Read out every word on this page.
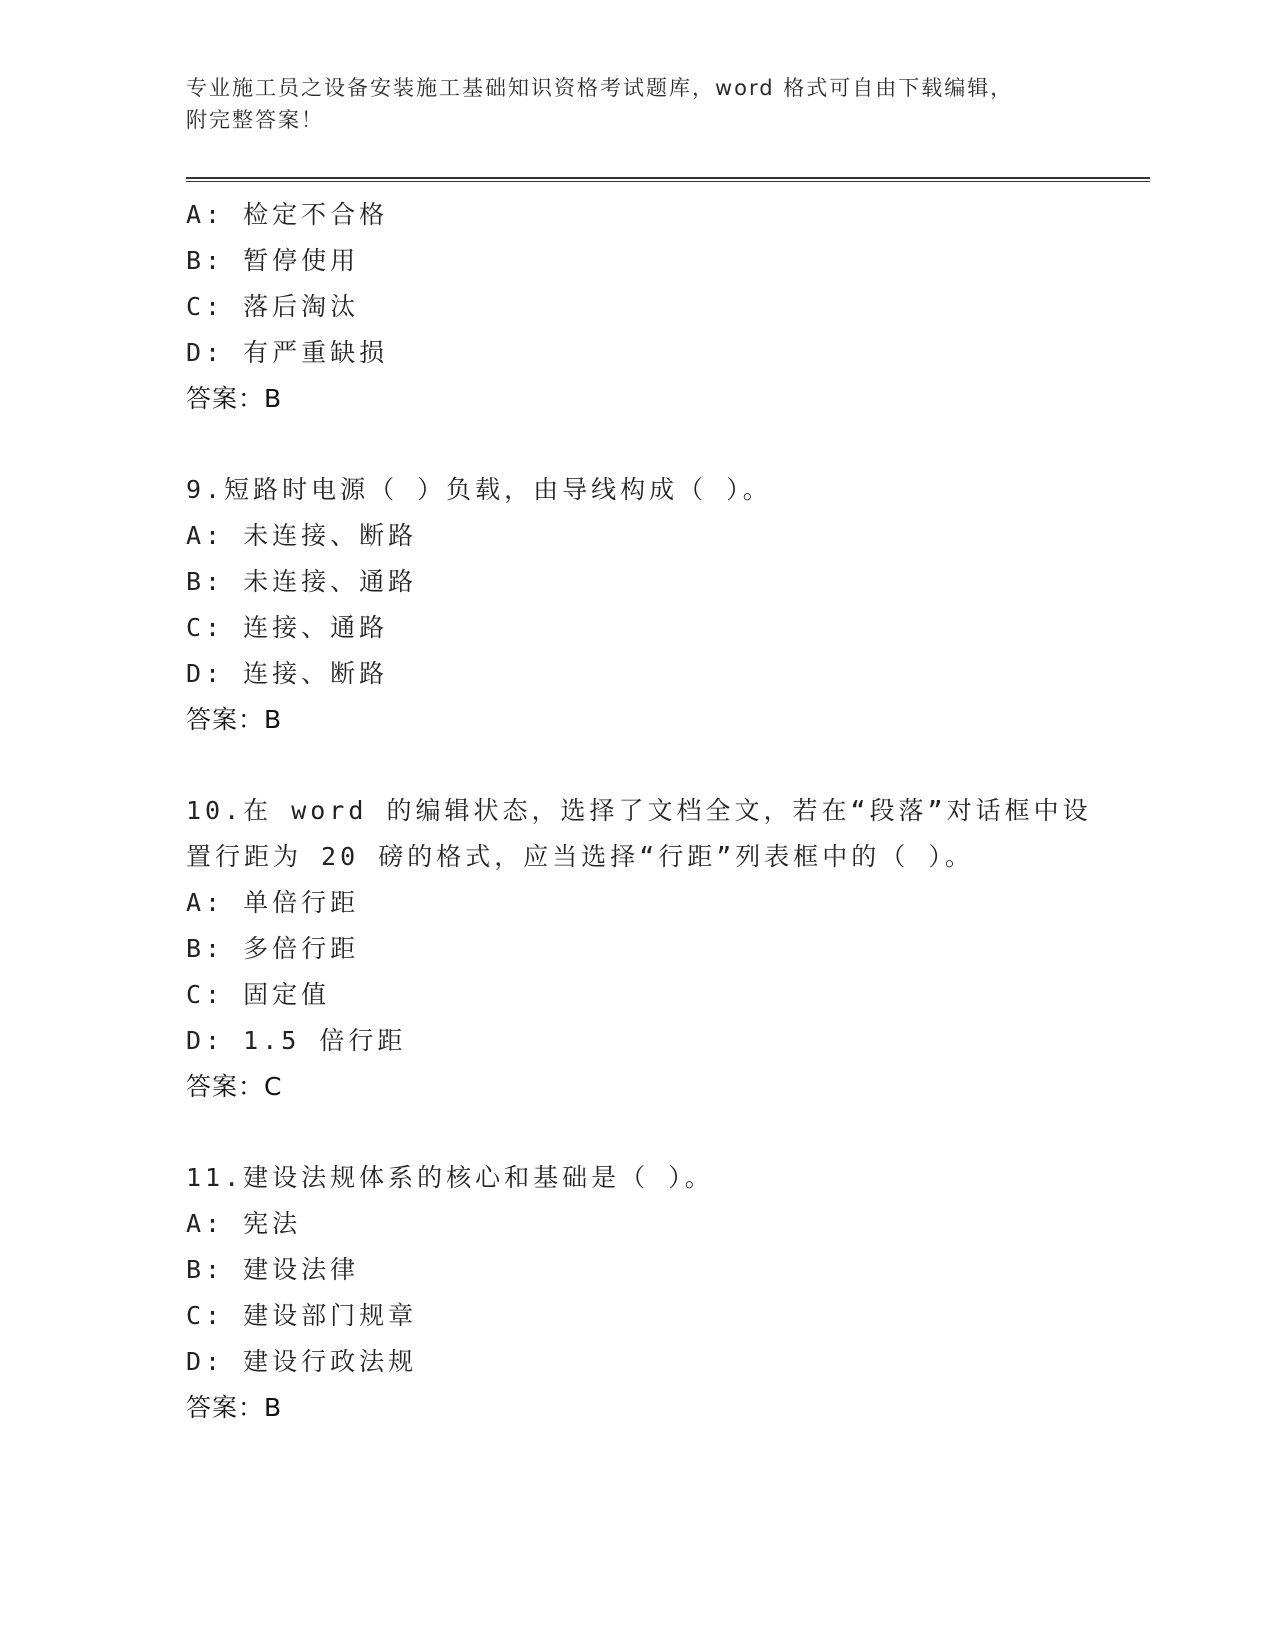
专业施工员之设备安装施工基础知识资格考试题库，word 格式可自由下载编辑，
附完整答案！
A: 检定不合格
B: 暂停使用
C: 落后淘汰
D: 有严重缺损
答案：B
9.短路时电源（ ）负载，由导线构成（ ）。
A: 未连接、断路
B: 未连接、通路
C: 连接、通路
D: 连接、断路
答案：B
10.在 word 的编辑状态，选择了文档全文，若在“段落”对话框中设
置行距为 20 磅的格式，应当选择“行距”列表框中的（ ）。
A: 单倍行距
B: 多倍行距
C: 固定值
D: 1.5 倍行距
答案：C
11.建设法规体系的核心和基础是（ ）。
A: 宪法
B: 建设法律
C: 建设部门规章
D: 建设行政法规
答案：B
